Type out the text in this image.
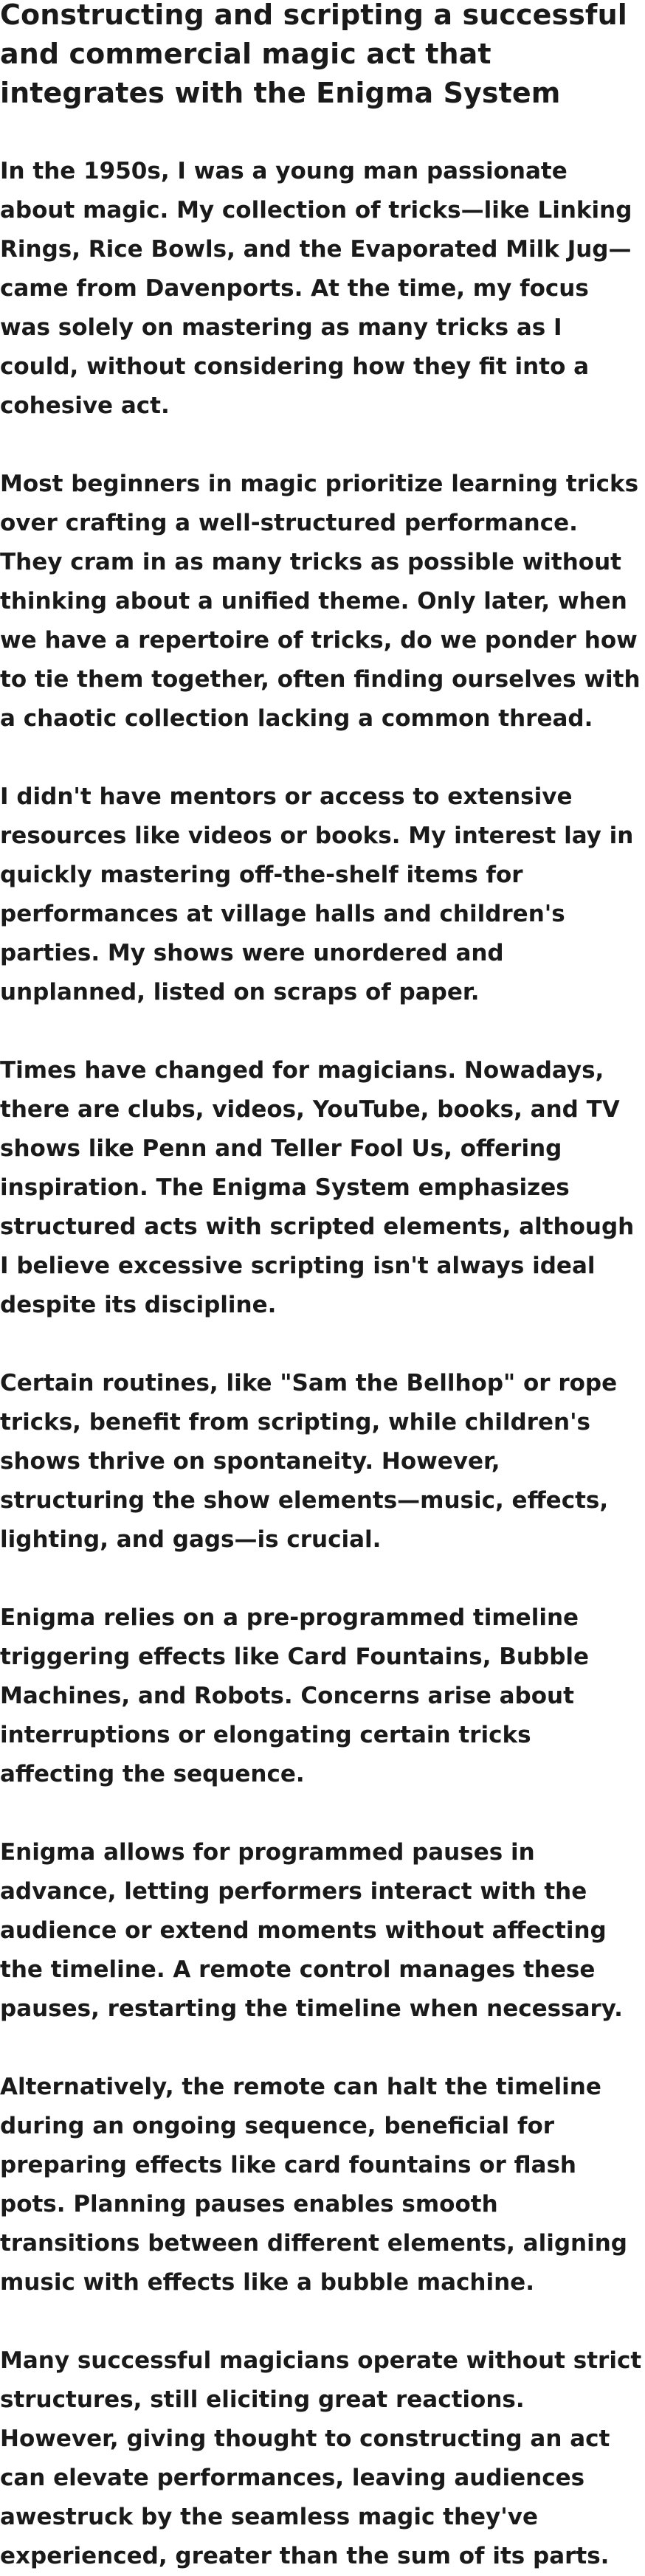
Constructing and scripting a successful and commercial magic act that integrates with the Enigma System

In the 1950s, I was a young man passionate about magic. My collection of tricks—like Linking Rings, Rice Bowls, and the Evaporated Milk Jug—came from Davenports. At the time, my focus was solely on mastering as many tricks as I could, without considering how they fit into a cohesive act.

Most beginners in magic prioritize learning tricks over crafting a well-structured performance. They cram in as many tricks as possible without thinking about a unified theme. Only later, when we have a repertoire of tricks, do we ponder how to tie them together, often finding ourselves with a chaotic collection lacking a common thread.

I didn't have mentors or access to extensive resources like videos or books. My interest lay in quickly mastering off-the-shelf items for performances at village halls and children's parties. My shows were unordered and unplanned, listed on scraps of paper.

Times have changed for magicians. Nowadays, there are clubs, videos, YouTube, books, and TV shows like Penn and Teller Fool Us, offering inspiration. The Enigma System emphasizes structured acts with scripted elements, although I believe excessive scripting isn't always ideal despite its discipline.

Certain routines, like "Sam the Bellhop" or rope tricks, benefit from scripting, while children's shows thrive on spontaneity. However, structuring the show elements—music, effects, lighting, and gags—is crucial.

Enigma relies on a pre-programmed timeline triggering effects like Card Fountains, Bubble Machines, and Robots. Concerns arise about interruptions or elongating certain tricks affecting the sequence.

Enigma allows for programmed pauses in advance, letting performers interact with the audience or extend moments without affecting the timeline. A remote control manages these pauses, restarting the timeline when necessary.

Alternatively, the remote can halt the timeline during an ongoing sequence, beneficial for preparing effects like card fountains or flash pots. Planning pauses enables smooth transitions between different elements, aligning music with effects like a bubble machine.

Many successful magicians operate without strict structures, still eliciting great reactions. However, giving thought to constructing an act can elevate performances, leaving audiences awestruck by the seamless magic they've experienced, greater than the sum of its parts.
